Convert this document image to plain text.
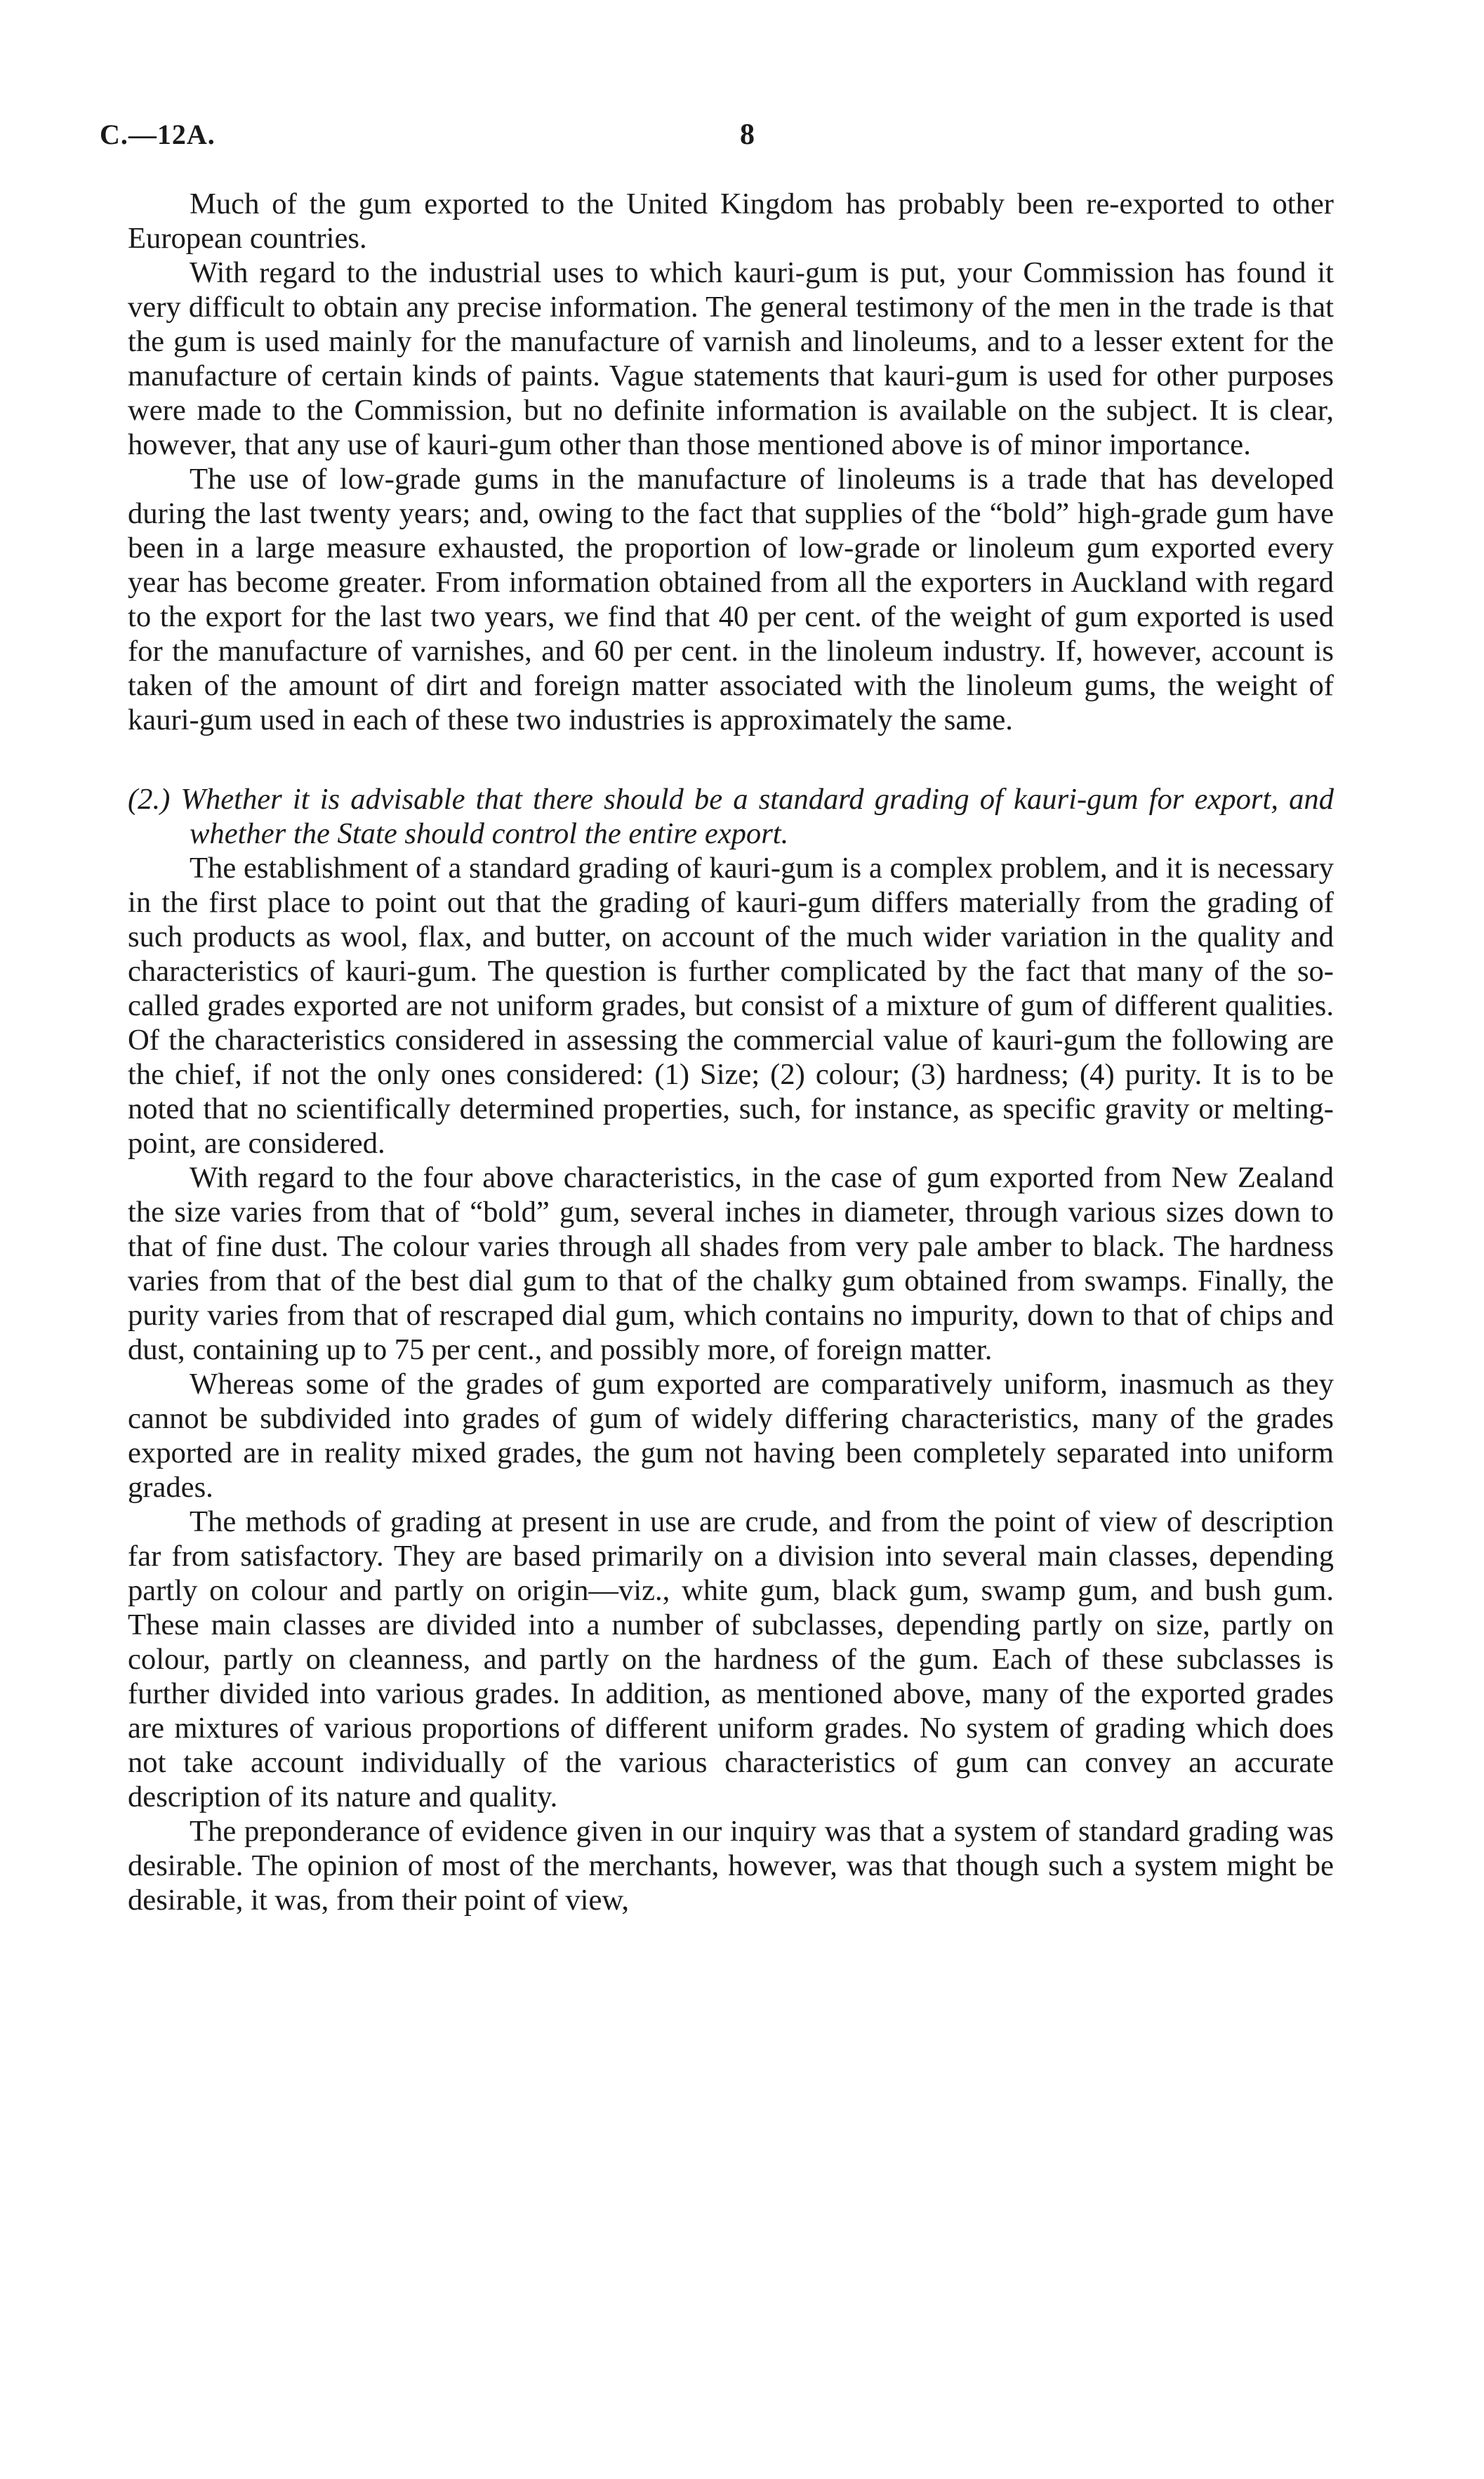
C.—12A.	8

Much of the gum exported to the United Kingdom has probably been re-exported to other European countries.

With regard to the industrial uses to which kauri-gum is put, your Commission has found it very difficult to obtain any precise information. The general testimony of the men in the trade is that the gum is used mainly for the manufacture of varnish and linoleums, and to a lesser extent for the manufacture of certain kinds of paints. Vague statements that kauri-gum is used for other purposes were made to the Commission, but no definite information is available on the subject. It is clear, however, that any use of kauri-gum other than those mentioned above is of minor importance.

The use of low-grade gums in the manufacture of linoleums is a trade that has developed during the last twenty years; and, owing to the fact that supplies of the “bold” high-grade gum have been in a large measure exhausted, the proportion of low-grade or linoleum gum exported every year has become greater. From information obtained from all the exporters in Auckland with regard to the export for the last two years, we find that 40 per cent. of the weight of gum exported is used for the manufacture of varnishes, and 60 per cent. in the linoleum industry. If, however, account is taken of the amount of dirt and foreign matter associated with the linoleum gums, the weight of kauri-gum used in each of these two industries is approximately the same.

(2.) Whether it is advisable that there should be a standard grading of kauri-gum for export, and whether the State should control the entire export.

The establishment of a standard grading of kauri-gum is a complex problem, and it is necessary in the first place to point out that the grading of kauri-gum differs materially from the grading of such products as wool, flax, and butter, on account of the much wider variation in the quality and characteristics of kauri-gum. The question is further complicated by the fact that many of the so-called grades exported are not uniform grades, but consist of a mixture of gum of different qualities. Of the characteristics considered in assessing the commercial value of kauri-gum the following are the chief, if not the only ones considered: (1) Size; (2) colour; (3) hardness; (4) purity. It is to be noted that no scientifically determined properties, such, for instance, as specific gravity or melting-point, are considered.

With regard to the four above characteristics, in the case of gum exported from New Zealand the size varies from that of “bold” gum, several inches in diameter, through various sizes down to that of fine dust. The colour varies through all shades from very pale amber to black. The hardness varies from that of the best dial gum to that of the chalky gum obtained from swamps. Finally, the purity varies from that of rescraped dial gum, which contains no impurity, down to that of chips and dust, containing up to 75 per cent., and possibly more, of foreign matter.

Whereas some of the grades of gum exported are comparatively uniform, inasmuch as they cannot be subdivided into grades of gum of widely differing characteristics, many of the grades exported are in reality mixed grades, the gum not having been completely separated into uniform grades.

The methods of grading at present in use are crude, and from the point of view of description far from satisfactory. They are based primarily on a division into several main classes, depending partly on colour and partly on origin—viz., white gum, black gum, swamp gum, and bush gum. These main classes are divided into a number of subclasses, depending partly on size, partly on colour, partly on cleanness, and partly on the hardness of the gum. Each of these subclasses is further divided into various grades. In addition, as mentioned above, many of the exported grades are mixtures of various proportions of different uniform grades. No system of grading which does not take account individually of the various characteristics of gum can convey an accurate description of its nature and quality.

The preponderance of evidence given in our inquiry was that a system of standard grading was desirable. The opinion of most of the merchants, however, was that though such a system might be desirable, it was, from their point of view,
